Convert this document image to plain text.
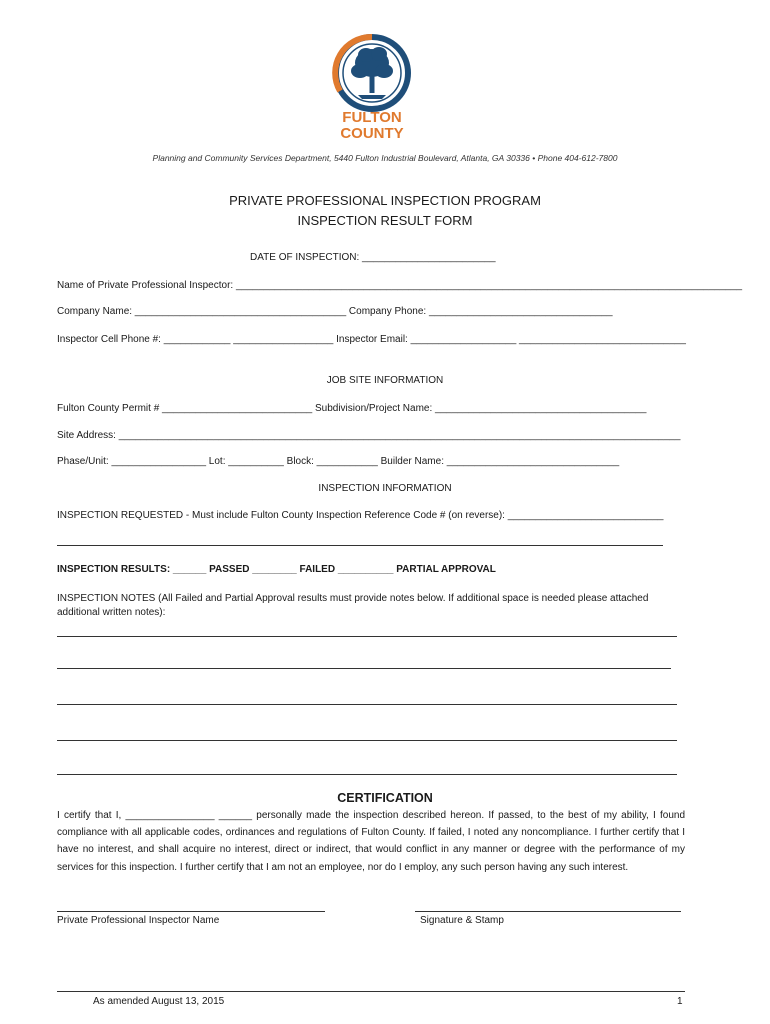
FULTON
COUNTY
Planning and Community Services Department, 5440 Fulton Industrial Boulevard, Atlanta, GA 30336 • Phone 404-612-7800
PRIVATE PROFESSIONAL INSPECTION PROGRAM
INSPECTION RESULT FORM
DATE OF INSPECTION: ________________________
Name of Private Professional Inspector: ___________________________________________________________________________________________
Company Name: ______________________________________ Company Phone: _________________________________
Inspector Cell Phone #: ____________ __________________ Inspector Email: ___________________ ______________________________
JOB SITE INFORMATION
Fulton County Permit # ___________________________ Subdivision/Project Name: ______________________________________
Site Address: _____________________________________________________________________________________________________
Phase/Unit: _________________ Lot: __________ Block: ___________ Builder Name: _______________________________
INSPECTION INFORMATION
INSPECTION REQUESTED - Must include Fulton County Inspection Reference Code # (on reverse): ____________________________
INSPECTION RESULTS: ______ PASSED ________ FAILED __________ PARTIAL APPROVAL
INSPECTION NOTES (All Failed and Partial Approval results must provide notes below. If additional space is needed please attached
additional written notes):
CERTIFICATION

I certify that I, ________________ ______ personally made the inspection described hereon. If passed, to the best of my ability, I found compliance with all applicable codes, ordinances and regulations of Fulton County. If failed, I noted any noncompliance. I further certify that I have no interest, and shall acquire no interest, direct or indirect, that would conflict in any manner or degree with the performance of my services for this inspection. I further certify that I am not an employee, nor do I employ, any such person having any such interest.

Private Professional Inspector Name	Signature & Stamp
As amended August 13, 2015	1
